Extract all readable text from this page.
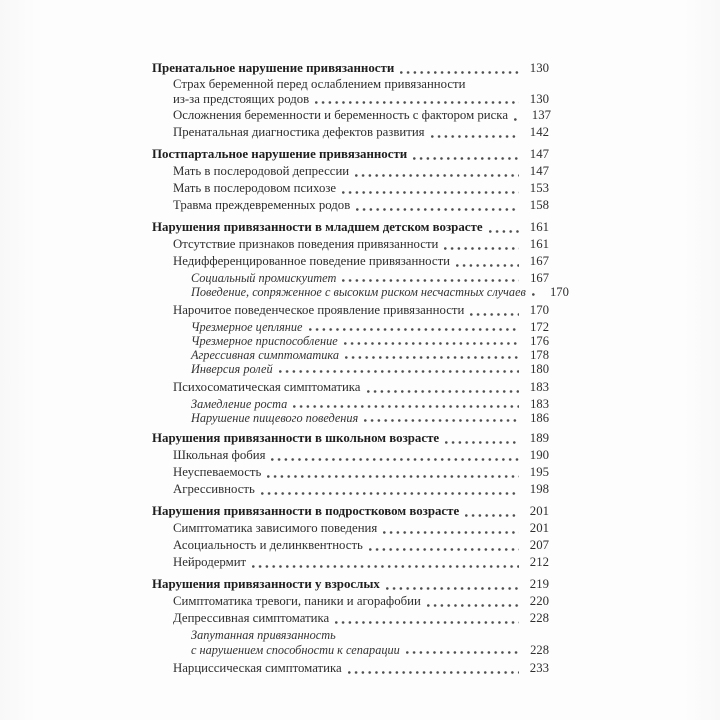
Пренатальное нарушение привязанности	130
Страх беременной перед ослаблением привязанности
из-за предстоящих родов	130
Осложнения беременности и беременность с фактором риска	137
Пренатальная диагностика дефектов развития	142
Постпартальное нарушение привязанности	147
Мать в послеродовой депрессии	147
Мать в послеродовом психозе	153
Травма преждевременных родов	158
Нарушения привязанности в младшем детском возрасте	161
Отсутствие признаков поведения привязанности	161
Недифференцированное поведение привязанности	167
Социальный промискуитет	167
Поведение, сопряженное с высоким риском несчастных случаев	170
Нарочитое поведенческое проявление привязанности	170
Чрезмерное цепляние	172
Чрезмерное приспособление	176
Агрессивная симптоматика	178
Инверсия ролей	180
Психосоматическая симптоматика	183
Замедление роста	183
Нарушение пищевого поведения	186
Нарушения привязанности в школьном возрасте	189
Школьная фобия	190
Неуспеваемость	195
Агрессивность	198
Нарушения привязанности в подростковом возрасте	201
Симптоматика зависимого поведения	201
Асоциальность и делинквентность	207
Нейродермит	212
Нарушения привязанности у взрослых	219
Симптоматика тревоги, паники и агорафобии	220
Депрессивная симптоматика	228
Запутанная привязанность
с нарушением способности к сепарации	228
Нарциссическая симптоматика	233
